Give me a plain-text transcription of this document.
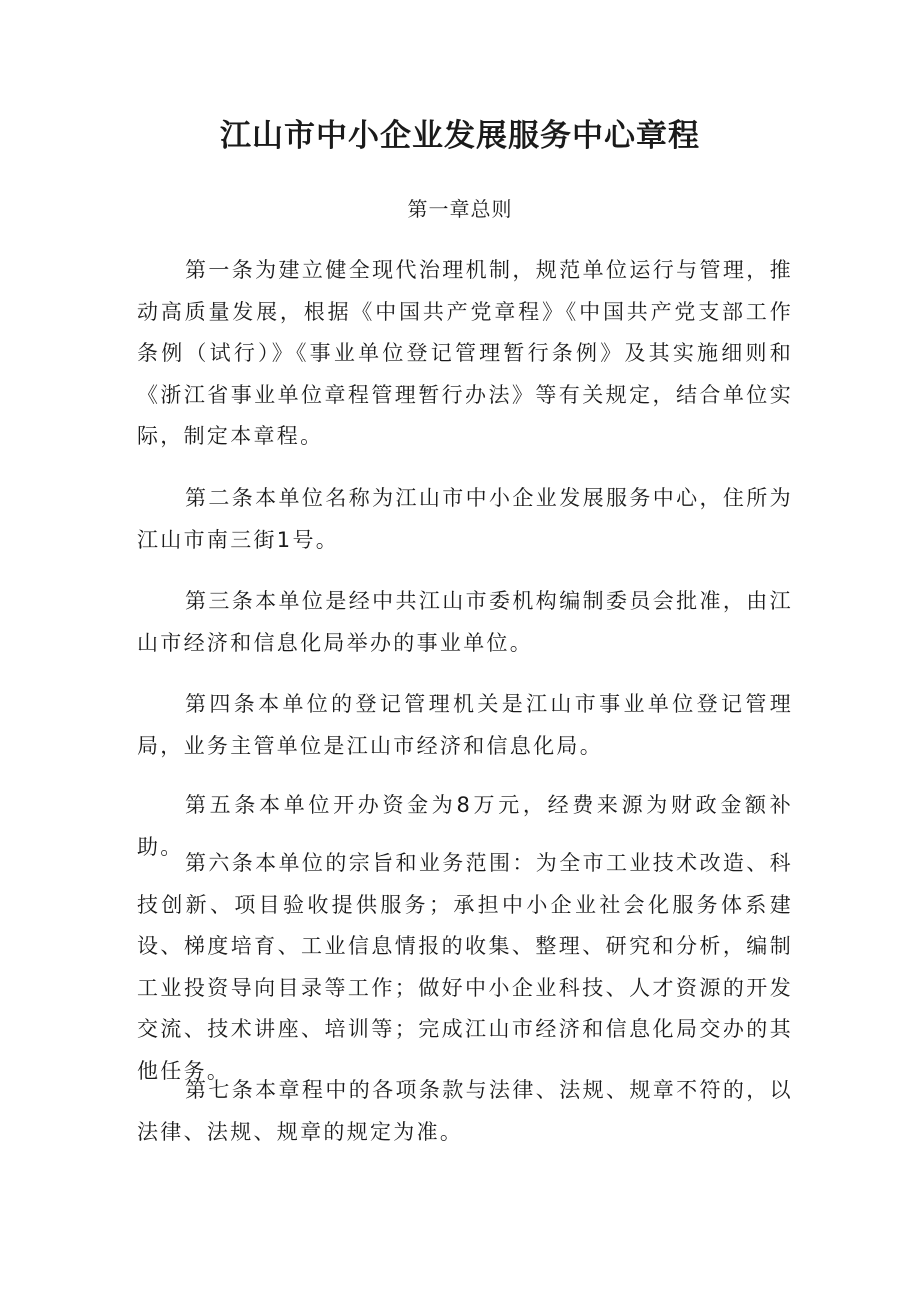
江山市中小企业发展服务中心章程
第一章总则

第一条为建立健全现代治理机制，规范单位运行与管理，推动高质量发展，根据《中国共产党章程》《中国共产党支部工作条例（试行）》《事业单位登记管理暂行条例》及其实施细则和《浙江省事业单位章程管理暂行办法》等有关规定，结合单位实际，制定本章程。

第二条本单位名称为江山市中小企业发展服务中心，住所为江山市南三街1号。

第三条本单位是经中共江山市委机构编制委员会批准，由江山市经济和信息化局举办的事业单位。

第四条本单位的登记管理机关是江山市事业单位登记管理局，业务主管单位是江山市经济和信息化局。

第五条本单位开办资金为8万元，经费来源为财政金额补助。

第六条本单位的宗旨和业务范围：为全市工业技术改造、科技创新、项目验收提供服务；承担中小企业社会化服务体系建设、梯度培育、工业信息情报的收集、整理、研究和分析，编制工业投资导向目录等工作；做好中小企业科技、人才资源的开发交流、技术讲座、培训等；完成江山市经济和信息化局交办的其他任务。

第七条本章程中的各项条款与法律、法规、规章不符的，以法律、法规、规章的规定为准。
